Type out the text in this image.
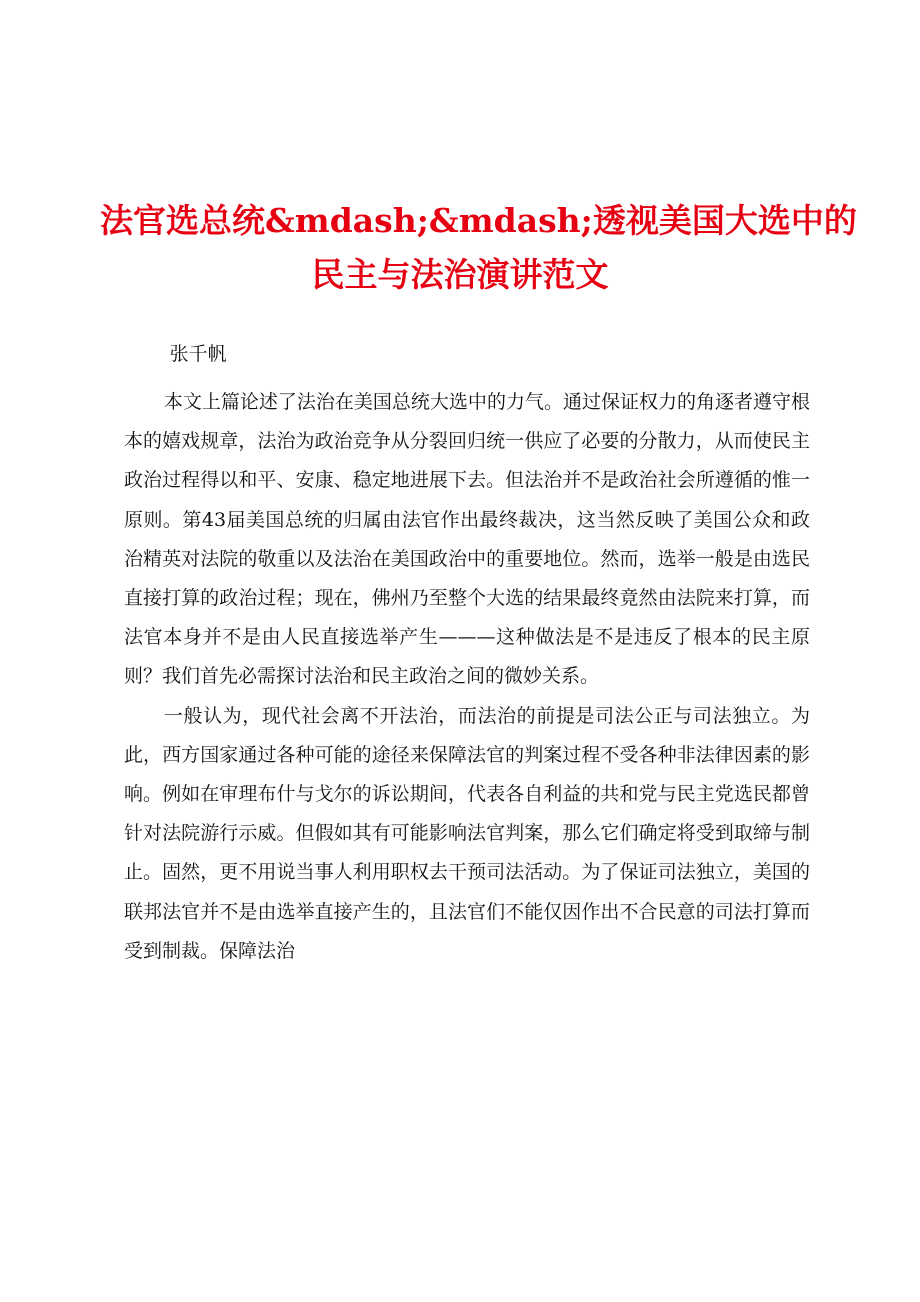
法官选总统&mdash;&mdash;透视美国大选中的
民主与法治演讲范文

张千帆

本文上篇论述了法治在美国总统大选中的力气。通过保证权力的角逐者遵守根本的嬉戏规章，法治为政治竞争从分裂回归统一供应了必要的分散力，从而使民主政治过程得以和平、安康、稳定地进展下去。但法治并不是政治社会所遵循的惟一原则。第43届美国总统的归属由法官作出最终裁决，这当然反映了美国公众和政治精英对法院的敬重以及法治在美国政治中的重要地位。然而，选举一般是由选民直接打算的政治过程；现在，佛州乃至整个大选的结果最终竟然由法院来打算，而法官本身并不是由人民直接选举产生———这种做法是不是违反了根本的民主原则？我们首先必需探讨法治和民主政治之间的微妙关系。

一般认为，现代社会离不开法治，而法治的前提是司法公正与司法独立。为此，西方国家通过各种可能的途径来保障法官的判案过程不受各种非法律因素的影响。例如在审理布什与戈尔的诉讼期间，代表各自利益的共和党与民主党选民都曾针对法院游行示威。但假如其有可能影响法官判案，那么它们确定将受到取缔与制止。固然，更不用说当事人利用职权去干预司法活动。为了保证司法独立，美国的联邦法官并不是由选举直接产生的，且法官们不能仅因作出不合民意的司法打算而受到制裁。保障法治
